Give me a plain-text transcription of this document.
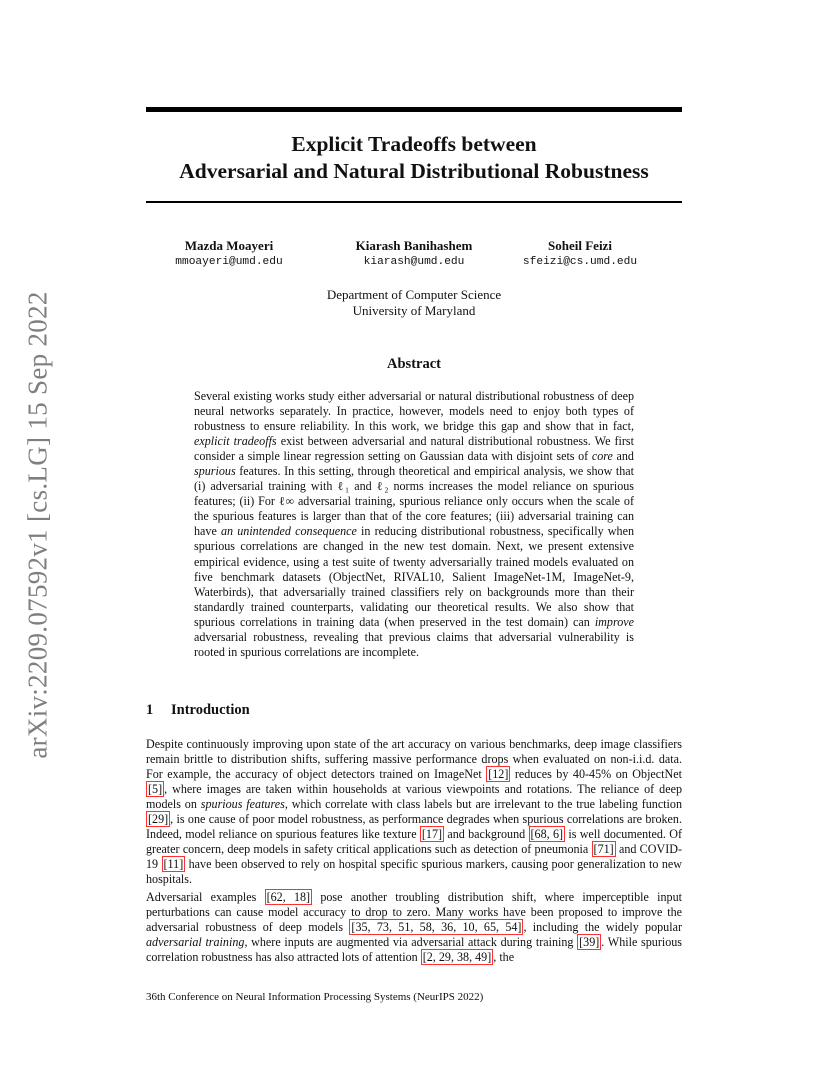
arXiv:2209.07592v1 [cs.LG] 15 Sep 2022
Explicit Tradeoffs between
Adversarial and Natural Distributional Robustness
Mazda Moayeri
mmoayeri@umd.edu
Kiarash Banihashem
kiarash@umd.edu
Soheil Feizi
sfeizi@cs.umd.edu
Department of Computer Science
University of Maryland
Abstract

Several existing works study either adversarial or natural distributional robustness of deep neural networks separately. In practice, however, models need to enjoy both types of robustness to ensure reliability. In this work, we bridge this gap and show that in fact, explicit tradeoffs exist between adversarial and natural distributional robustness. We first consider a simple linear regression setting on Gaussian data with disjoint sets of core and spurious features. In this setting, through theoretical and empirical analysis, we show that (i) adversarial training with ℓ₁ and ℓ₂ norms increases the model reliance on spurious features; (ii) For ℓ∞ adversarial training, spurious reliance only occurs when the scale of the spurious features is larger than that of the core features; (iii) adversarial training can have an unintended consequence in reducing distributional robustness, specifically when spurious correlations are changed in the new test domain. Next, we present extensive empirical evidence, using a test suite of twenty adversarially trained models evaluated on five benchmark datasets (ObjectNet, RIVAL10, Salient ImageNet-1M, ImageNet-9, Waterbirds), that adversarially trained classifiers rely on backgrounds more than their standardly trained counterparts, validating our theoretical results. We also show that spurious correlations in training data (when preserved in the test domain) can improve adversarial robustness, revealing that previous claims that adversarial vulnerability is rooted in spurious correlations are incomplete.

1 Introduction

Despite continuously improving upon state of the art accuracy on various benchmarks, deep image classifiers remain brittle to distribution shifts, suffering massive performance drops when evaluated on non-i.i.d. data. For example, the accuracy of object detectors trained on ImageNet [12] reduces by 40-45% on ObjectNet [5] , where images are taken within households at various viewpoints and rotations. The reliance of deep models on spurious features, which correlate with class labels but are irrelevant to the true labeling function [29] , is one cause of poor model robustness, as performance degrades when spurious correlations are broken. Indeed, model reliance on spurious features like texture [17] and background [68, 6] is well documented. Of greater concern, deep models in safety critical applications such as detection of pneumonia [71] and COVID-19 [11] have been observed to rely on hospital specific spurious markers, causing poor generalization to new hospitals.

Adversarial examples [62, 18] pose another troubling distribution shift, where imperceptible input perturbations can cause model accuracy to drop to zero. Many works have been proposed to improve the adversarial robustness of deep models [35, 73, 51, 58, 36, 10, 65, 54] , including the widely popular adversarial training, where inputs are augmented via adversarial attack during training [39] . While spurious correlation robustness has also attracted lots of attention [2, 29, 38, 49] , the

36th Conference on Neural Information Processing Systems (NeurIPS 2022)
